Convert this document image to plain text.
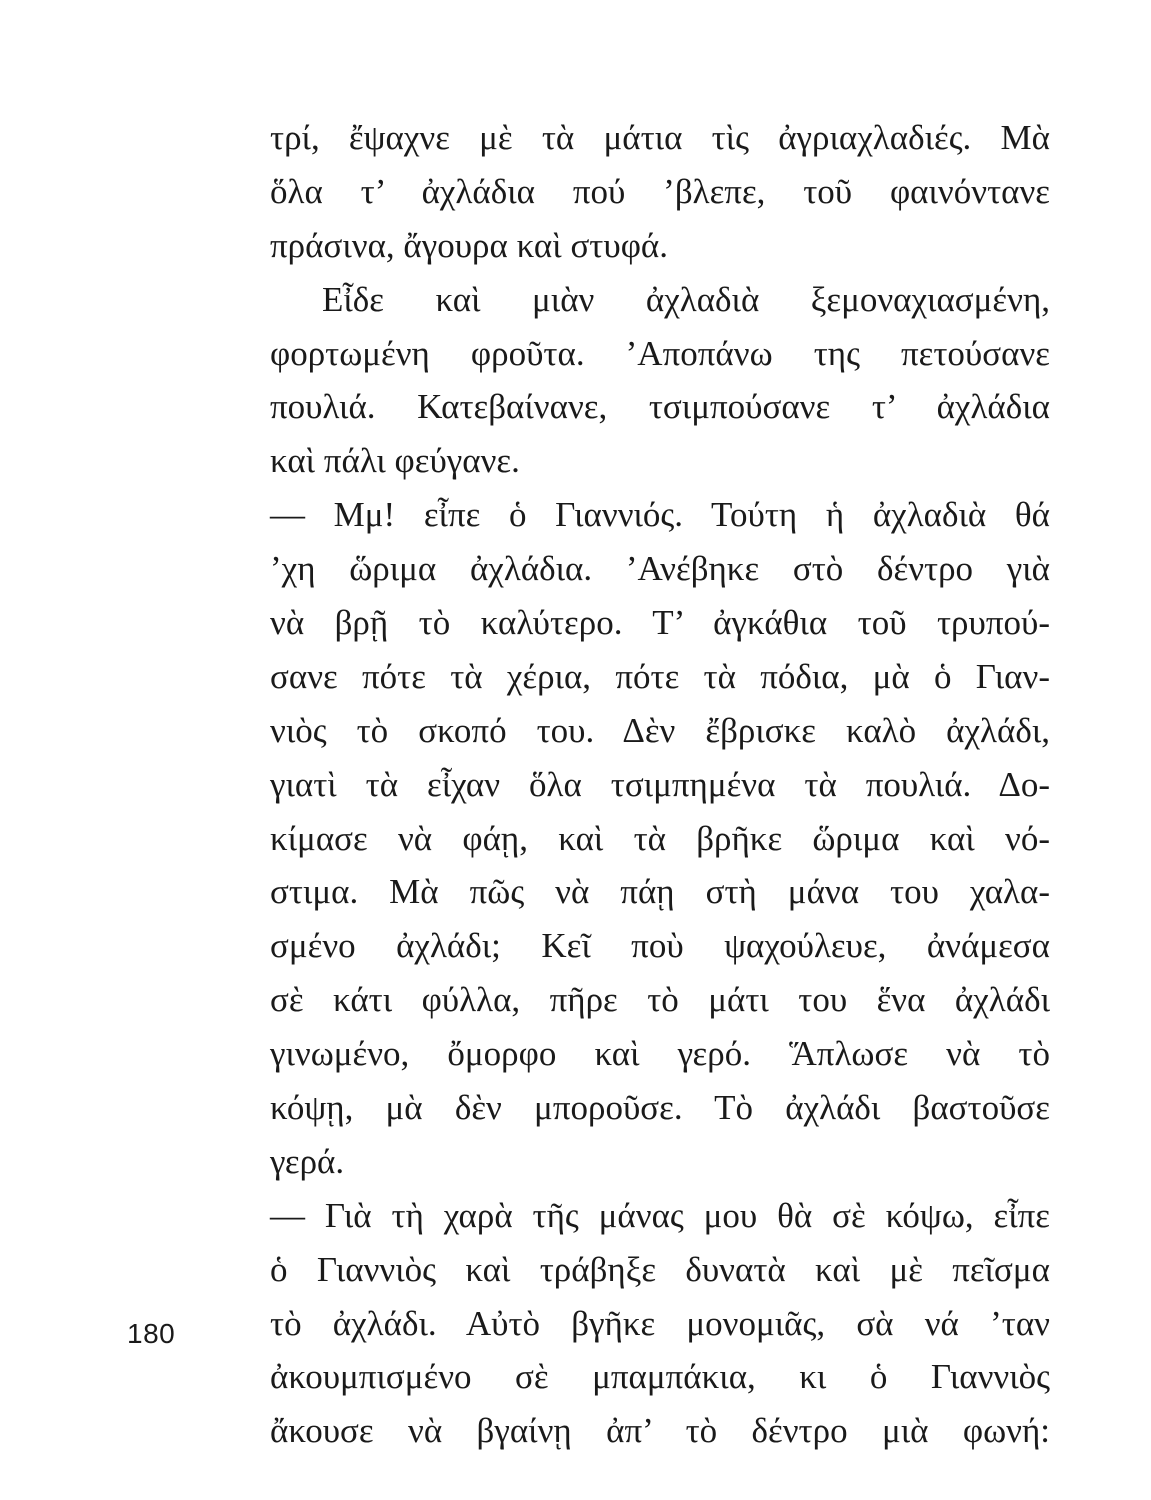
τρί, ἔψαχνε μὲ τὰ μάτια τὶς ἀγριαχλαδιές. Μὰ
ὅλα τ’ ἀχλάδια πού ’βλεπε, τοῦ φαινόντανε
πράσινα, ἄγουρα καὶ στυφά.
Εἶδε καὶ μιὰν ἀχλαδιὰ ξεμοναχιασμένη,
φορτωμένη φροῦτα. ’Αποπάνω της πετούσανε
πουλιά. Κατεβαίνανε, τσιμπούσανε τ’ ἀχλάδια
καὶ πάλι φεύγανε.
— Μμ! εἶπε ὁ Γιαννιός. Τούτη ἡ ἀχλαδιὰ θά
’χη ὥριμα ἀχλάδια. ’Ανέβηκε στὸ δέντρο γιὰ
νὰ βρῇ τὸ καλύτερο. Τ’ ἀγκάθια τοῦ τρυπού-
σανε πότε τὰ χέρια, πότε τὰ πόδια, μὰ ὁ Γιαν-
νιὸς τὸ σκοπό του. Δὲν ἔβρισκε καλὸ ἀχλάδι,
γιατὶ τὰ εἶχαν ὅλα τσιμπημένα τὰ πουλιά. Δο-
κίμασε νὰ φάῃ, καὶ τὰ βρῆκε ὥριμα καὶ νό-
στιμα. Μὰ πῶς νὰ πάῃ στὴ μάνα του χαλα-
σμένο ἀχλάδι; Κεῖ ποὺ ψαχούλευε, ἀνάμεσα
σὲ κάτι φύλλα, πῆρε τὸ μάτι του ἕνα ἀχλάδι
γινωμένο, ὄμορφο καὶ γερό. Ἅπλωσε νὰ τὸ
κόψῃ, μὰ δὲν μποροῦσε. Τὸ ἀχλάδι βαστοῦσε
γερά.
— Γιὰ τὴ χαρὰ τῆς μάνας μου θὰ σὲ κόψω, εἶπε
ὁ Γιαννιὸς καὶ τράβηξε δυνατὰ καὶ μὲ πεῖσμα
τὸ ἀχλάδι. Αὐτὸ βγῆκε μονομιᾶς, σὰ νά ’ταν
ἀκουμπισμένο σὲ μπαμπάκια, κι ὁ Γιαννιὸς
ἄκουσε νὰ βγαίνῃ ἀπ’ τὸ δέντρο μιὰ φωνή:
180
